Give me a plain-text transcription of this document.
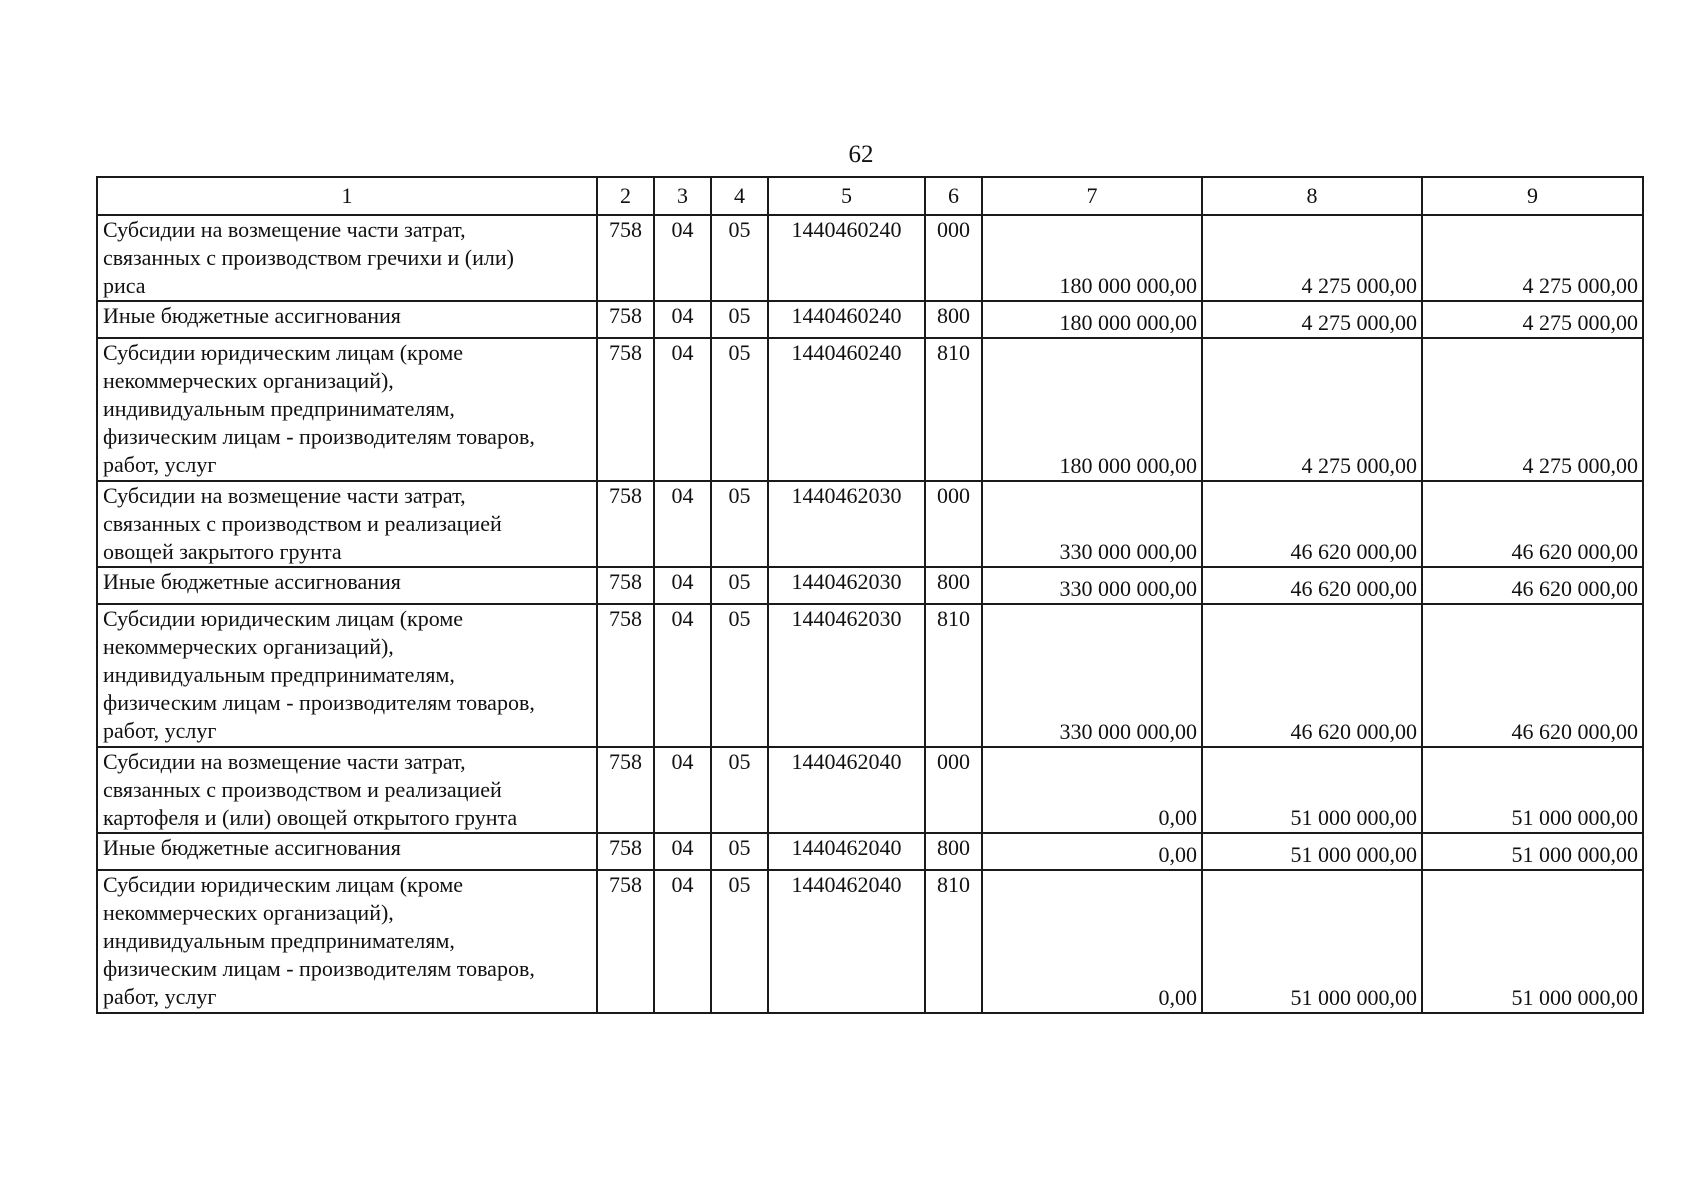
62
1	2	3	4	5	6	7	8	9

Субсидии на возмещение части затрат,
связанных с производством гречихи и (или)
риса	758	04	05	1440460240	000	180 000 000,00	4 275 000,00	4 275 000,00

Иные бюджетные ассигнования	758	04	05	1440460240	800	180 000 000,00	4 275 000,00	4 275 000,00

Субсидии юридическим лицам (кроме
некоммерческих организаций),
индивидуальным предпринимателям,
физическим лицам - производителям товаров,
работ, услуг	758	04	05	1440460240	810	180 000 000,00	4 275 000,00	4 275 000,00

Субсидии на возмещение части затрат,
связанных с производством и реализацией
овощей закрытого грунта	758	04	05	1440462030	000	330 000 000,00	46 620 000,00	46 620 000,00

Иные бюджетные ассигнования	758	04	05	1440462030	800	330 000 000,00	46 620 000,00	46 620 000,00

Субсидии юридическим лицам (кроме
некоммерческих организаций),
индивидуальным предпринимателям,
физическим лицам - производителям товаров,
работ, услуг	758	04	05	1440462030	810	330 000 000,00	46 620 000,00	46 620 000,00

Субсидии на возмещение части затрат,
связанных с производством и реализацией
картофеля и (или) овощей открытого грунта	758	04	05	1440462040	000	0,00	51 000 000,00	51 000 000,00

Иные бюджетные ассигнования	758	04	05	1440462040	800	0,00	51 000 000,00	51 000 000,00

Субсидии юридическим лицам (кроме
некоммерческих организаций),
индивидуальным предпринимателям,
физическим лицам - производителям товаров,
работ, услуг	758	04	05	1440462040	810	0,00	51 000 000,00	51 000 000,00
